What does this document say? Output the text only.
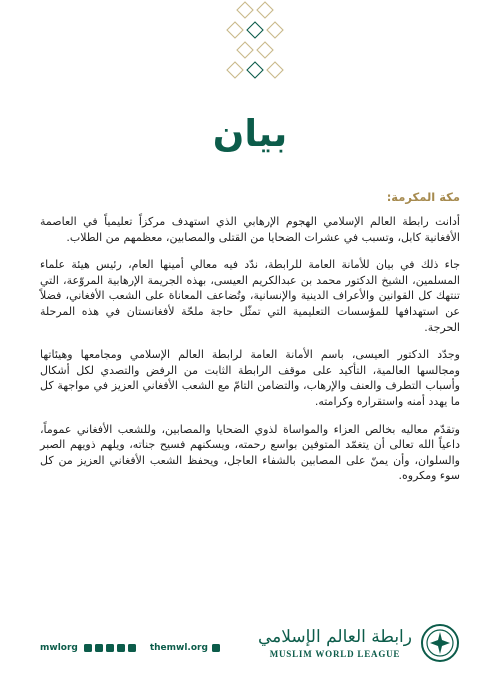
بيان
مكة المكرمة:

أدانت رابطة العالم الإسلامي الهجوم الإرهابي الذي استهدف مركزاً تعليمياً في العاصمة الأفغانية كابل، وتسبب في عشرات الضحايا من القتلى والمصابين، معظمهم من الطلاب.

جاء ذلك في بيان للأمانة العامة للرابطة، ندّد فيه معالي أمينها العام، رئيس هيئة علماء المسلمين، الشيخ الدكتور محمد بن عبدالكريم العيسى، بهذه الجريمة الإرهابية المروّعة، التي تنتهك كل القوانين والأعراف الدينية والإنسانية، وتُضاعف المعاناة على الشعب الأفغاني، فضلاً عن استهدافها للمؤسسات التعليمية التي تمثّل حاجة ملحّة لأفغانستان في هذه المرحلة الحرجة.

وجدّد الدكتور العيسى، باسم الأمانة العامة لرابطة العالم الإسلامي ومجامعها وهيئاتها ومجالسها العالمية، التأكيد على موقف الرابطة الثابت من الرفض والتصدي لكل أشكال وأسباب التطرف والعنف والإرهاب، والتضامن التامّ مع الشعب الأفغاني العزيز في مواجهة كل ما يهدد أمنه واستقراره وكرامته.

وتقدّم معاليه بخالص العزاء والمواساة لذوي الضحايا والمصابين، وللشعب الأفغاني عموماً، داعياً الله تعالى أن يتغمّد المتوفين بواسع رحمته، ويسكنهم فسيح جناته، ويلهم ذويهم الصبر والسلوان، وأن يمنّ على المصابين بالشفاء العاجل، ويحفظ الشعب الأفغاني العزيز من كل سوء ومكروه.

mwlorg	themwl.org
رابطة العالم الإسلامي
MUSLIM WORLD LEAGUE
